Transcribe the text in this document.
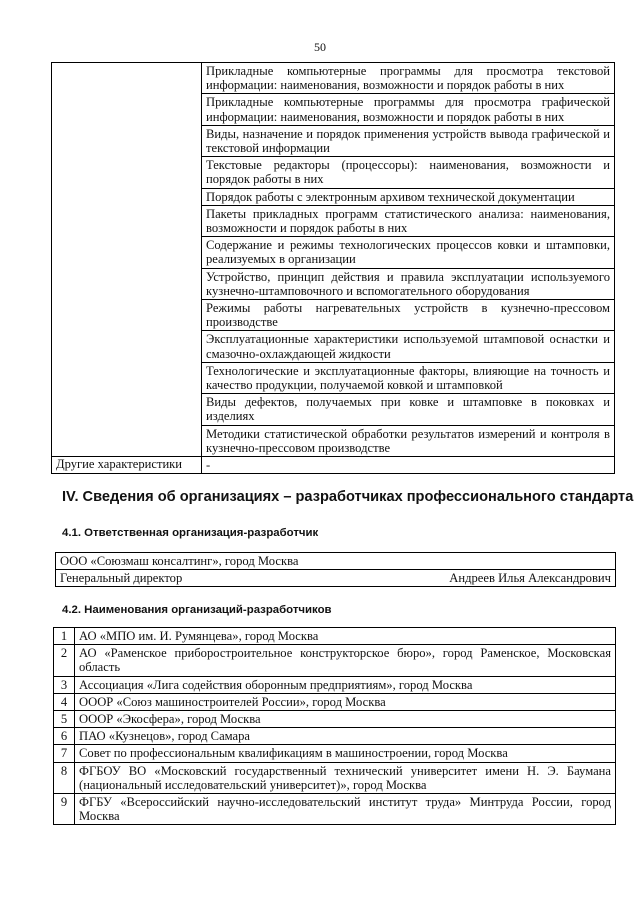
50
	Прикладные компьютерные программы для просмотра текстовой информации: наименования, возможности и порядок работы в них
	Прикладные компьютерные программы для просмотра графической информации: наименования, возможности и порядок работы в них
	Виды, назначение и порядок применения устройств вывода графической и текстовой информации
	Текстовые редакторы (процессоры): наименования, возможности и порядок работы в них
	Порядок работы с электронным архивом технической документации
	Пакеты прикладных программ статистического анализа: наименования, возможности и порядок работы в них
	Содержание и режимы технологических процессов ковки и штамповки, реализуемых в организации
	Устройство, принцип действия и правила эксплуатации используемого кузнечно-штамповочного и вспомогательного оборудования
	Режимы работы нагревательных устройств в кузнечно-прессовом производстве
	Эксплуатационные характеристики используемой штамповой оснастки и смазочно-охлаждающей жидкости
	Технологические и эксплуатационные факторы, влияющие на точность и качество продукции, получаемой ковкой и штамповкой
	Виды дефектов, получаемых при ковке и штамповке в поковках и изделиях
	Методики статистической обработки результатов измерений и контроля в кузнечно-прессовом производстве
Другие характеристики	-
IV. Сведения об организациях – разработчиках профессионального стандарта
4.1. Ответственная организация-разработчик
ООО «Союзмаш консалтинг», город Москва

Генеральный директор	Андреев Илья Александрович
4.2. Наименования организаций-разработчиков
1	АО «МПО им. И. Румянцева», город Москва
2	АО «Раменское приборостроительное конструкторское бюро», город Раменское, Московская область
3	Ассоциация «Лига содействия оборонным предприятиям», город Москва
4	ОООР «Союз машиностроителей России», город Москва
5	ОООР «Экосфера», город Москва
6	ПАО «Кузнецов», город Самара
7	Совет по профессиональным квалификациям в машиностроении, город Москва
8	ФГБОУ ВО «Московский государственный технический университет имени Н. Э. Баумана (национальный исследовательский университет)», город Москва
9	ФГБУ «Всероссийский научно-исследовательский институт труда» Минтруда России, город Москва
